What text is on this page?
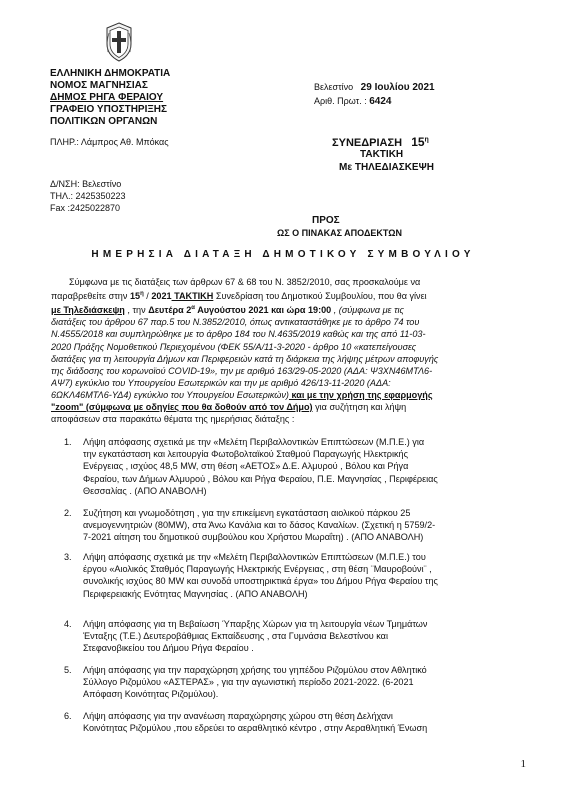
ΕΛΛΗΝΙΚΗ ΔΗΜΟΚΡΑΤΙΑ
ΝΟΜΟΣ ΜΑΓΝΗΣΙΑΣ
ΔΗΜΟΣ ΡΗΓΑ ΦΕΡΑΙΟΥ
ΓΡΑΦΕΙΟ ΥΠΟΣΤΗΡΙΞΗΣ
ΠΟΛΙΤΙΚΩΝ ΟΡΓΑΝΩΝ
ΠΛΗΡ.: Λάμπρος Αθ. Μπόκας
Δ/ΝΣΗ: Βελεστίνο
ΤΗΛ.: 2425350223
Fax :2425022870
Βελεστίνο 29 Ιουλίου 2021
Αριθ. Πρωτ. : 6424
ΣΥΝΕΔΡΙΑΣΗ $15^\eta$
ΤΑΚΤΙΚΗ
Με ΤΗΛΕΔΙΑΣΚΕΨΗ
ΠΡΟΣ
ΩΣ Ο ΠΙΝΑΚΑΣ ΑΠΟΔΕΚΤΩΝ
ΗΜΕΡΗΣΙΑ ΔΙΑΤΑΞΗ ΔΗΜΟΤΙΚΟΥ ΣΥΜΒΟΥΛΙΟΥ
Σύμφωνα με τις διατάξεις των άρθρων 67 & 68 του Ν. 3852/2010, σας προσκαλούμε να
παραβρεθείτε στην $15^\eta / 2021$ ΤΑΚΤΙΚΗ Συνεδρίαση του Δημοτικού Συμβουλίου, που θα γίνει
με Τηλεδιάσκεψη , την Δευτέρα $2^\alpha$ Αυγούστου 2021 και ώρα 19:00 , (σύμφωνα με τις
διατάξεις του άρθρου 67 παρ.5 του Ν.3852/2010, όπως αντικαταστάθηκε με το άρθρο 74 του
Ν.4555/2018 και συμπληρώθηκε με το άρθρο 184 του Ν.4635/2019 καθώς και της από 11-03-
2020 Πράξης Νομοθετικού Περιεχομένου (ΦΕΚ 55/Α/11-3-2020 - άρθρο 10 «κατεπείγουσες
διατάξεις για τη λειτουργία Δήμων και Περιφερειών κατά τη διάρκεια της λήψης μέτρων αποφυγής
της διάδοσης του κορωνοϊού COVID-19», την με αριθμό 163/29-05-2020 (ΑΔΑ: Ψ3ΧΝ46ΜΤΛ6-
ΑΨ7) εγκύκλιο του Υπουργείου Εσωτερικών και την με αριθμό 426/13-11-2020 (ΑΔΑ:
6ΩΚΛ46ΜΤΛ6-ΥΔ4) εγκύκλιο του Υπουργείου Εσωτερικών) και με την χρήση της εφαρμογής
"zoom" (σύμφωνα με οδηγίες που θα δοθούν από τον Δήμο) για συζήτηση και λήψη
αποφάσεων στα παρακάτω θέματα της ημερήσιας διάταξης :
1.	Λήψη απόφασης σχετικά με την «Μελέτη Περιβαλλοντικών Επιπτώσεων (Μ.Π.Ε.) για
την εγκατάσταση και λειτουργία Φωτοβολταϊκού Σταθμού Παραγωγής Ηλεκτρικής
Ενέργειας , ισχύος 48,5 MW, στη θέση «ΑΕΤΟΣ» Δ.Ε. Αλμυρού , Βόλου και Ρήγα
Φεραίου, των Δήμων Αλμυρού , Βόλου και Ρήγα Φεραίου, Π.Ε. Μαγνησίας , Περιφέρειας
Θεσσαλίας . (ΑΠΟ ΑΝΑΒΟΛΗ)
2.	Συζήτηση και γνωμοδότηση , για την επικείμενη εγκατάσταση αιολικού πάρκου 25
ανεμογεννητριών (80MW), στα Άνω Κανάλια και το δάσος Καναλίων. (Σχετική η 5759/2-
7-2021 αίτηση του δημοτικού συμβούλου κου Χρήστου Μωραΐτη) . (ΑΠΟ ΑΝΑΒΟΛΗ)
3.	Λήψη απόφασης σχετικά με την «Μελέτη Περιβαλλοντικών Επιπτώσεων (Μ.Π.Ε.) του
έργου «Αιολικός Σταθμός Παραγωγής Ηλεκτρικής Ενέργειας , στη θέση ¨Μαυροβούνι¨ ,
συνολικής ισχύος 80 MW και συνοδά υποστηρικτικά έργα» του Δήμου Ρήγα Φεραίου της
Περιφερειακής Ενότητας Μαγνησίας . (ΑΠΟ ΑΝΑΒΟΛΗ)
4.	Λήψη απόφασης για τη Βεβαίωση Ύπαρξης Χώρων για τη λειτουργία νέων Τμημάτων
Ένταξης (Τ.Ε.) Δευτεροβάθμιας Εκπαίδευσης , στα Γυμνάσια Βελεστίνου και
Στεφανοβικείου του Δήμου Ρήγα Φεραίου .
5.	Λήψη απόφασης για την παραχώρηση χρήσης του γηπέδου Ριζομύλου στον Αθλητικό
Σύλλογο Ριζομύλου «ΑΣΤΕΡΑΣ» , για την αγωνιστική περίοδο 2021-2022. (6-2021
Απόφαση Κοινότητας Ριζομύλου).
6.	Λήψη απόφασης για την ανανέωση παραχώρησης χώρου στη θέση Δελήχανι
Κοινότητας Ριζομύλου ,που εδρεύει το αεραθλητικό κέντρο , στην Αεραθλητική Ένωση
1
